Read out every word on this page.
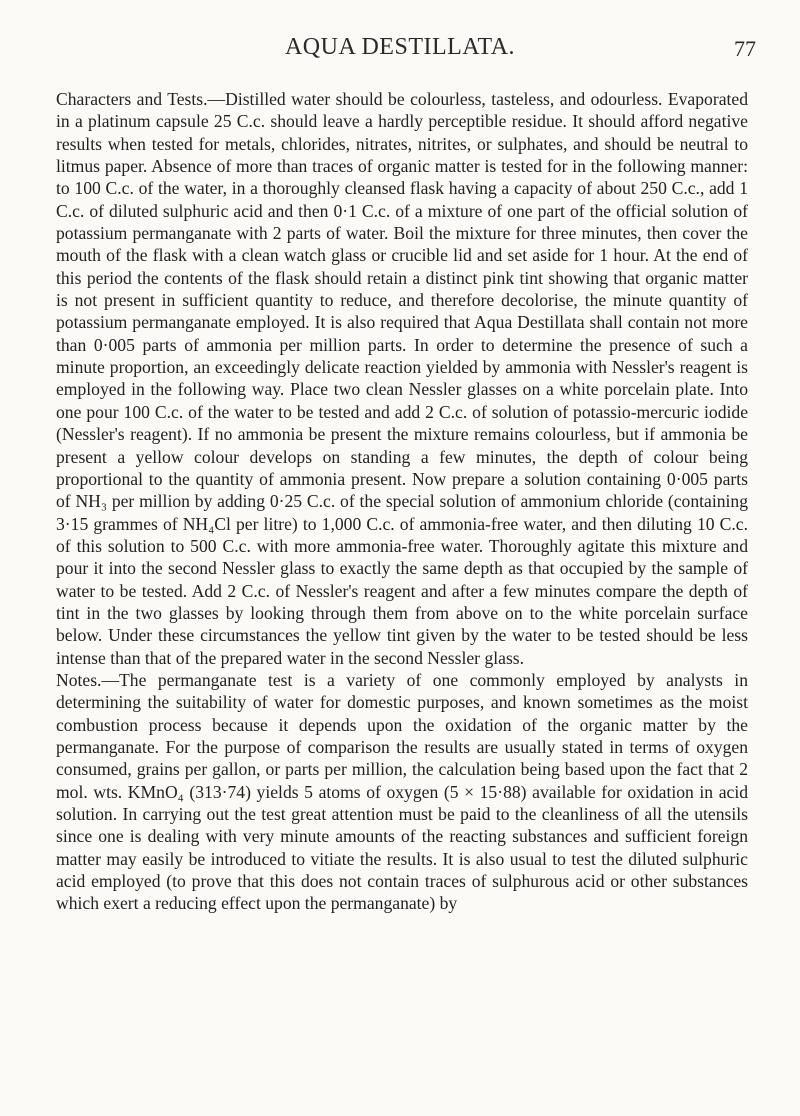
AQUA DESTILLATA.	77

Characters and Tests.—Distilled water should be colourless, tasteless, and odourless. Evaporated in a platinum capsule 25 C.c. should leave a hardly perceptible residue. It should afford negative results when tested for metals, chlorides, nitrates, nitrites, or sulphates, and should be neutral to litmus paper. Absence of more than traces of organic matter is tested for in the following manner: to 100 C.c. of the water, in a thoroughly cleansed flask having a capacity of about 250 C.c., add 1 C.c. of diluted sulphuric acid and then 0·1 C.c. of a mixture of one part of the official solution of potassium permanganate with 2 parts of water. Boil the mixture for three minutes, then cover the mouth of the flask with a clean watch glass or crucible lid and set aside for 1 hour. At the end of this period the contents of the flask should retain a distinct pink tint showing that organic matter is not present in sufficient quantity to reduce, and therefore decolorise, the minute quantity of potassium permanganate employed. It is also required that Aqua Destillata shall contain not more than 0·005 parts of ammonia per million parts. In order to determine the presence of such a minute proportion, an exceedingly delicate reaction yielded by ammonia with Nessler's reagent is employed in the following way. Place two clean Nessler glasses on a white porcelain plate. Into one pour 100 C.c. of the water to be tested and add 2 C.c. of solution of potassio-mercuric iodide (Nessler's reagent). If no ammonia be present the mixture remains colourless, but if ammonia be present a yellow colour develops on standing a few minutes, the depth of colour being proportional to the quantity of ammonia present. Now prepare a solution containing 0·005 parts of NH₃ per million by adding 0·25 C.c. of the special solution of ammonium chloride (containing 3·15 grammes of NH₄Cl per litre) to 1,000 C.c. of ammonia-free water, and then diluting 10 C.c. of this solution to 500 C.c. with more ammonia-free water. Thoroughly agitate this mixture and pour it into the second Nessler glass to exactly the same depth as that occupied by the sample of water to be tested. Add 2 C.c. of Nessler's reagent and after a few minutes compare the depth of tint in the two glasses by looking through them from above on to the white porcelain surface below. Under these circumstances the yellow tint given by the water to be tested should be less intense than that of the prepared water in the second Nessler glass.

Notes.—The permanganate test is a variety of one commonly employed by analysts in determining the suitability of water for domestic purposes, and known sometimes as the moist combustion process because it depends upon the oxidation of the organic matter by the permanganate. For the purpose of comparison the results are usually stated in terms of oxygen consumed, grains per gallon, or parts per million, the calculation being based upon the fact that 2 mol. wts. KMnO₄ (313·74) yields 5 atoms of oxygen (5 × 15·88) available for oxidation in acid solution. In carrying out the test great attention must be paid to the cleanliness of all the utensils since one is dealing with very minute amounts of the reacting substances and sufficient foreign matter may easily be introduced to vitiate the results. It is also usual to test the diluted sulphuric acid employed (to prove that this does not contain traces of sulphurous acid or other substances which exert a reducing effect upon the permanganate) by
